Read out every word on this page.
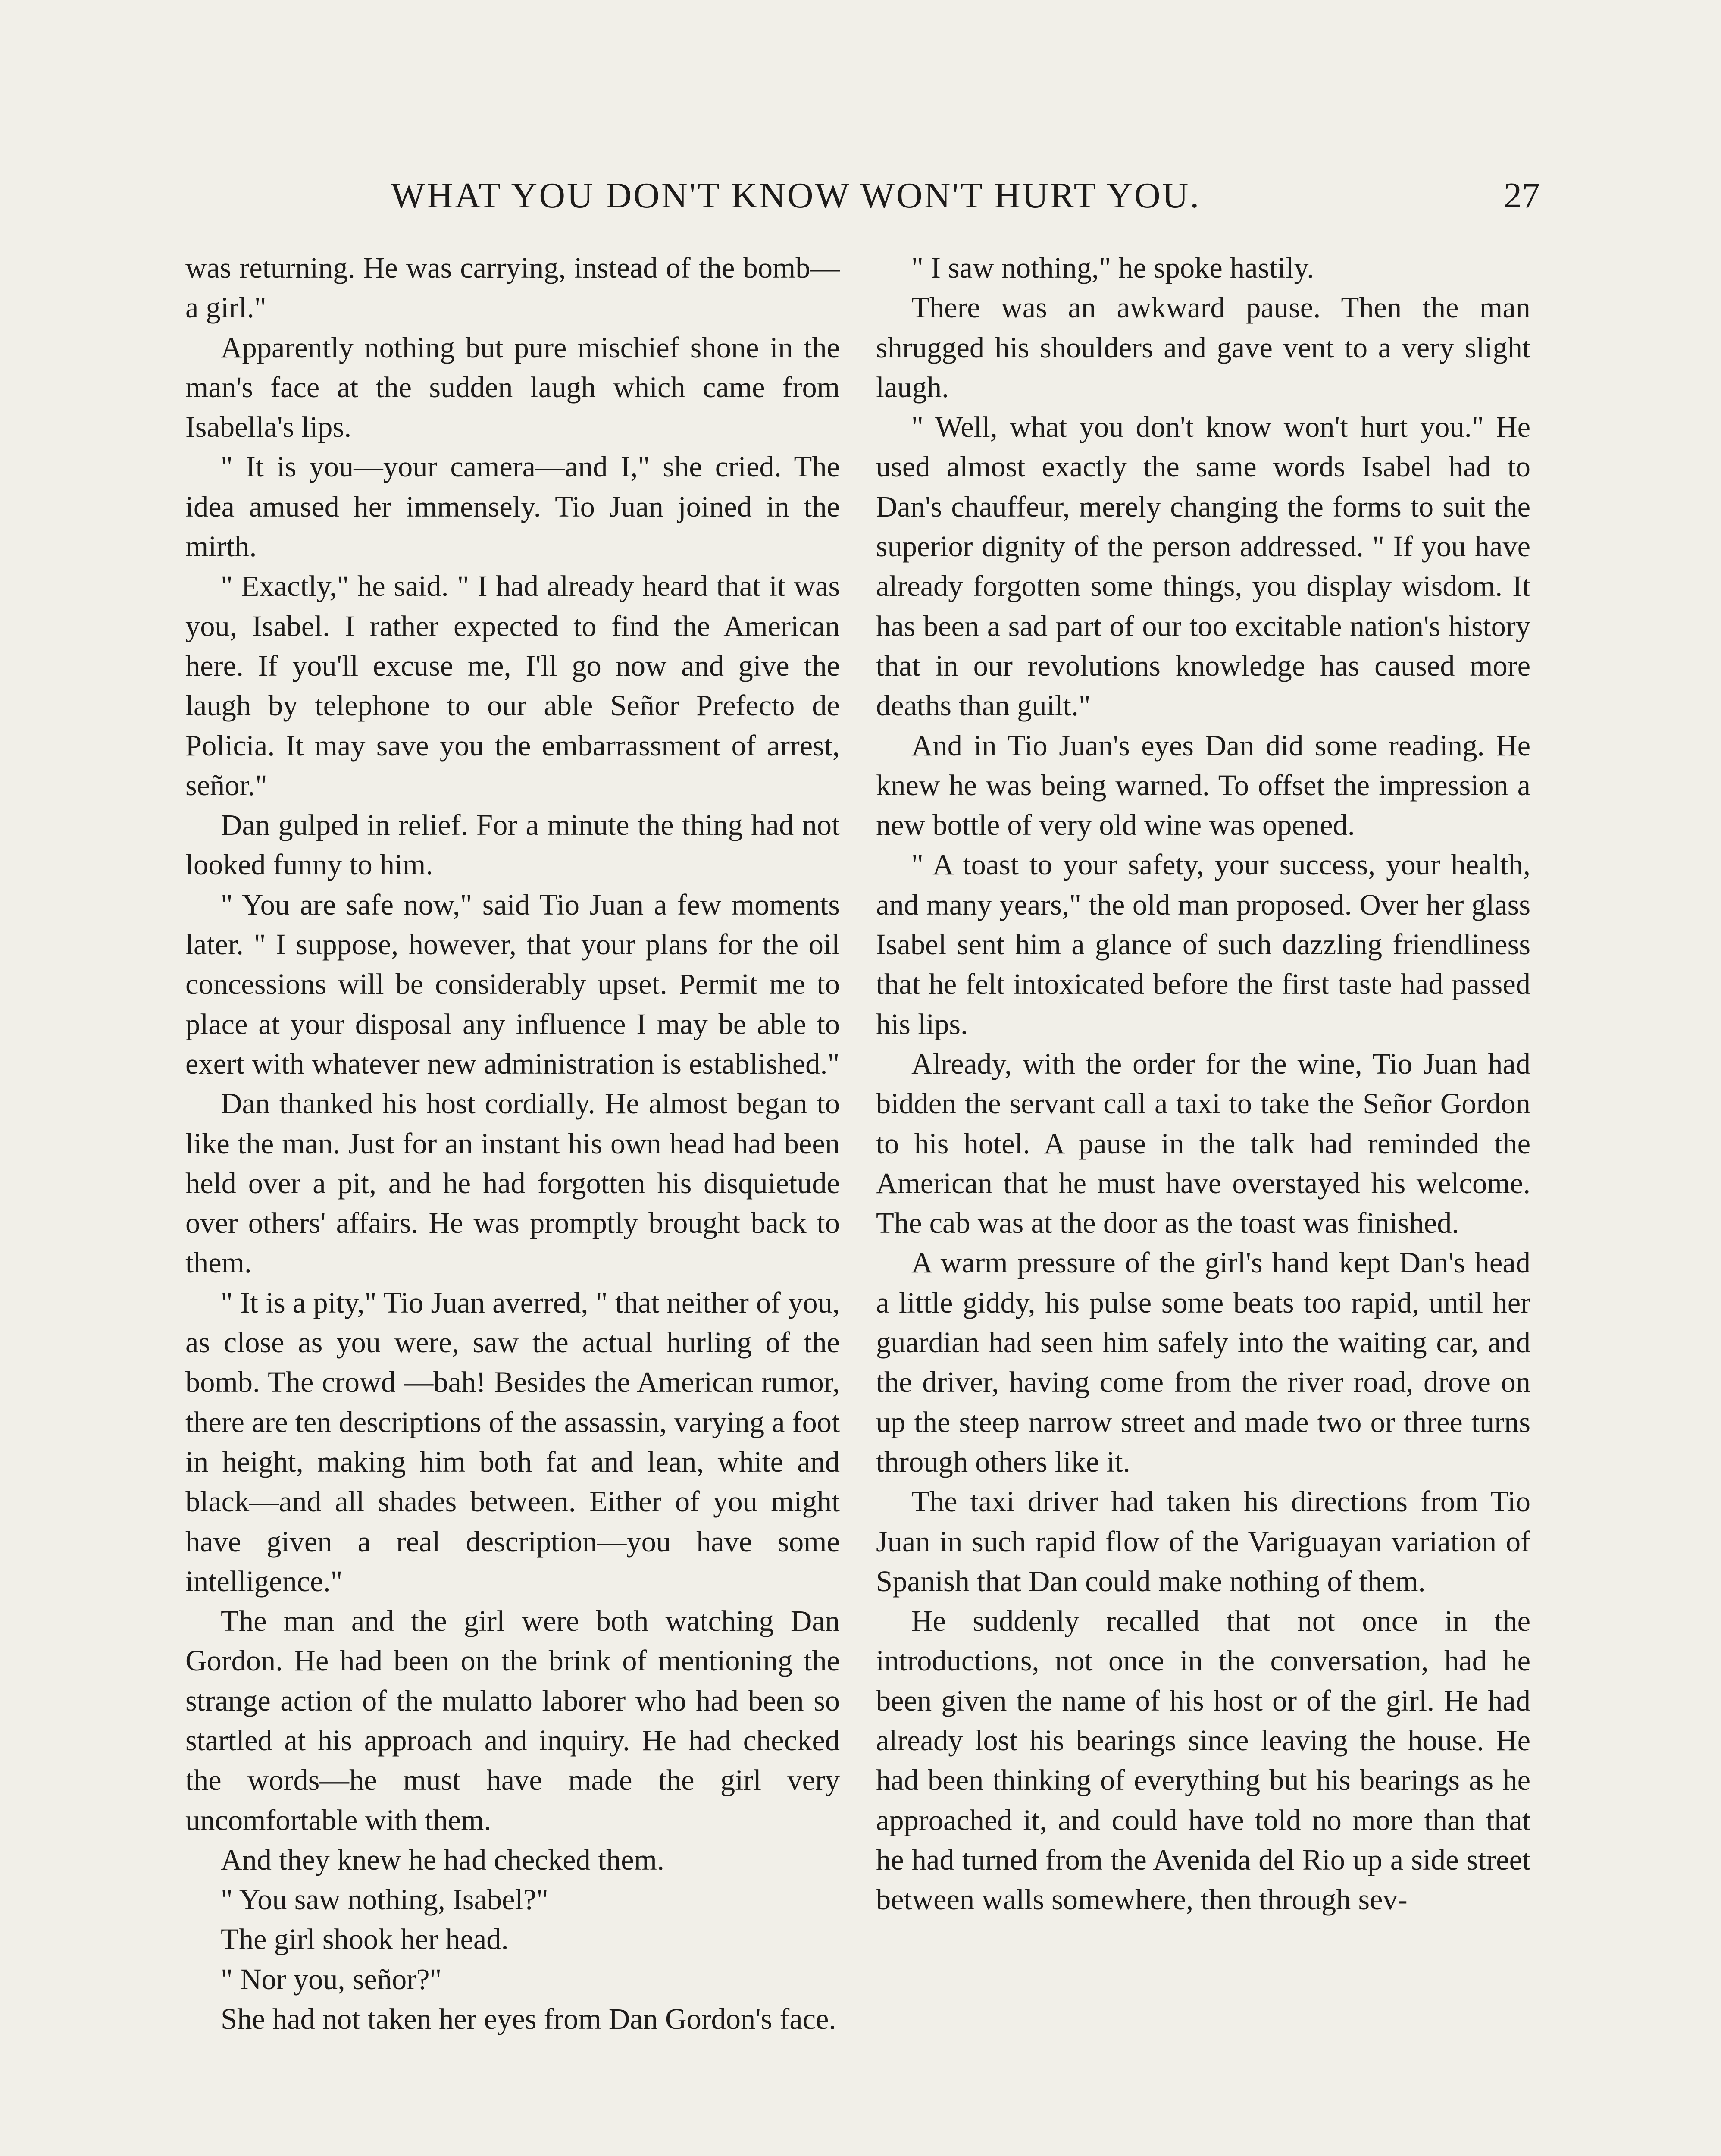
WHAT YOU DON'T KNOW WON'T HURT YOU.	27

was returning. He was carrying, instead of the bomb—a girl."

Apparently nothing but pure mischief shone in the man's face at the sudden laugh which came from Isabella's lips.

" It is you—your camera—and I," she cried. The idea amused her immensely. Tio Juan joined in the mirth.

" Exactly," he said. " I had already heard that it was you, Isabel. I rather expected to find the American here. If you'll excuse me, I'll go now and give the laugh by telephone to our able Señor Prefecto de Policia. It may save you the embarrassment of arrest, señor."

Dan gulped in relief. For a minute the thing had not looked funny to him.

" You are safe now," said Tio Juan a few moments later. " I suppose, however, that your plans for the oil concessions will be considerably upset. Permit me to place at your disposal any influence I may be able to exert with whatever new administration is established."

Dan thanked his host cordially. He almost began to like the man. Just for an instant his own head had been held over a pit, and he had forgotten his disquietude over others' affairs. He was promptly brought back to them.

" It is a pity," Tio Juan averred, " that neither of you, as close as you were, saw the actual hurling of the bomb. The crowd —bah! Besides the American rumor, there are ten descriptions of the assassin, varying a foot in height, making him both fat and lean, white and black—and all shades between. Either of you might have given a real description—you have some intelligence."

The man and the girl were both watching Dan Gordon. He had been on the brink of mentioning the strange action of the mulatto laborer who had been so startled at his approach and inquiry. He had checked the words—he must have made the girl very uncomfortable with them.

And they knew he had checked them.

" You saw nothing, Isabel?"

The girl shook her head.

" Nor you, señor?"

She had not taken her eyes from Dan Gordon's face.

" I saw nothing," he spoke hastily.

There was an awkward pause. Then the man shrugged his shoulders and gave vent to a very slight laugh.

" Well, what you don't know won't hurt you." He used almost exactly the same words Isabel had to Dan's chauffeur, merely changing the forms to suit the superior dignity of the person addressed. " If you have already forgotten some things, you display wisdom. It has been a sad part of our too excitable nation's history that in our revolutions knowledge has caused more deaths than guilt."

And in Tio Juan's eyes Dan did some reading. He knew he was being warned. To offset the impression a new bottle of very old wine was opened.

" A toast to your safety, your success, your health, and many years," the old man proposed. Over her glass Isabel sent him a glance of such dazzling friendliness that he felt intoxicated before the first taste had passed his lips.

Already, with the order for the wine, Tio Juan had bidden the servant call a taxi to take the Señor Gordon to his hotel. A pause in the talk had reminded the American that he must have overstayed his welcome. The cab was at the door as the toast was finished.

A warm pressure of the girl's hand kept Dan's head a little giddy, his pulse some beats too rapid, until her guardian had seen him safely into the waiting car, and the driver, having come from the river road, drove on up the steep narrow street and made two or three turns through others like it.

The taxi driver had taken his directions from Tio Juan in such rapid flow of the Variguayan variation of Spanish that Dan could make nothing of them.

He suddenly recalled that not once in the introductions, not once in the conversation, had he been given the name of his host or of the girl. He had already lost his bearings since leaving the house. He had been thinking of everything but his bearings as he approached it, and could have told no more than that he had turned from the Avenida del Rio up a side street between walls somewhere, then through sev-
